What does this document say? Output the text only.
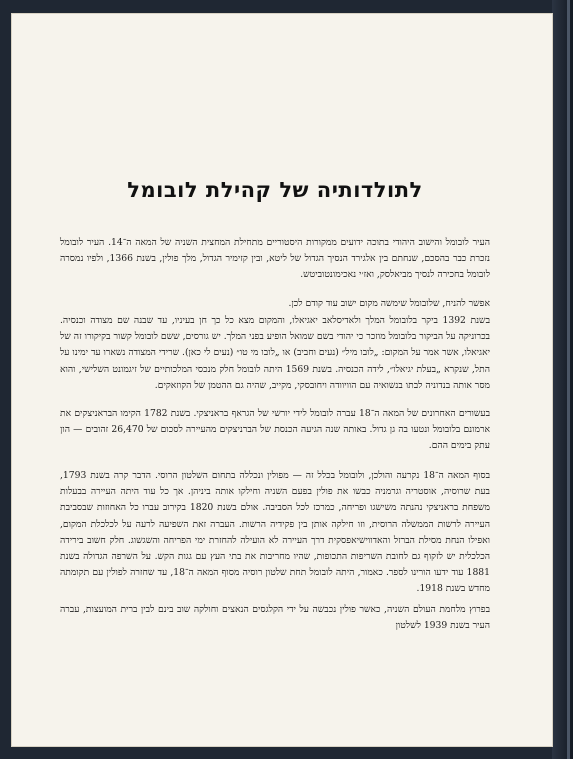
לתולדותיה של קהילת לובומל

העיר לובומל והישוב היהודי בתוכה ידועים ממקורות היסטוריים מתחילת המחצית השניה של המאה ה־14. העיר לובומל נזכרת כבר בהסכם, שנחתם בין אלגירד הנסיך הגדול של ליטא, ובין קזימיר הגדול, מלך פולין, בשנת 1366, ולפיו נמסרה לובומל בחכירה לנסיך מביאלסק, ואז׳י נאכימונטוביטש.

אפשר להניח, שלובומל שימשה מקום ישוב עוד קודם לכן.

בשנת 1392 ביקר בלובומל המלך ולאדיסלאב יאגיאלו, והמקום מצא כל כך חן בעיניו, עד שבנה שם מצודה וכנסיה. בכרוניקה על הביקור בלובומל מוזכר כי יהודי בשם שמואל הופיע בפני המלך. יש גורסים, ששם לובומל קשור בקיקורו זה של יאגיאלו, אשר אמר על המקום: „לובו מיל״ (נעים וחביב) או „לובו מי טו״ (נעים לי כאן). שרידי המצודה נשארו עד ימינו על התל, שנקרא „בעלת יגיאלו״, לידה הכנסיה. בשנת 1569 היתה לובומל חלק מנכסי המלכותיים של זיגמונט השלישי, והוא מסר אותה בנדוניה לבתו בנשואיה עם הוויוודה ויחובסקי, מקייב, שהיה גם ההטמן של הקוזאקים.

בעשורים האחרונים של המאה ה־18 עברה לובומל לידי יורשי של הגראף בראניצקי. בשנת 1782 הקימו הבראניצקים את ארמונם בלובומל ונטעו בה גן גדול. באותה שנה הגיעה הכנסת של הברניצקים מהעיירה לסכום של 26,470 זהובים — הון עתק בימים ההם.

בסוף המאה ה־18 נקרעה והולכן, ולובומל בכלל זה — מפולין ונכללה בתחום השלטון הרוסי. הדבר קרה בשנת 1793, בעת שרוסיה, אוסטריה וגרמניה כבשו את פולין בפעם השניה וחילקו אותה ביניהן. אך כל עוד היתה העיירה בבעלות משפחת בראניצקי נהנתה משישגו ופריחה, כמרכז לכל הסביבה. אולם בשנת 1820 בקירוב עברו כל האחוזות שבסביבת העיירה לרשות הממשלה הרוסית, וזו חילקה אותן בין פקידיה הרשות. העברה זאת השפיעה לרעה על לכלכלת המקום, ואפילו הנחת מסילת הברזל והאדווישיאפסקית דרך העיירה לא הועילה להחזרת ימי הפריחה והשגשוג. חלק חשוב בירידה הכלכלית יש לזקוף גם לחובת השריפות התכופות, שהיו מחריבות את בתי העץ עם גגות הקש. על השרפה הגדולה בשנת 1881 עוד ידעו הורינו לספר. כאמור, היתה לובומל תחת שלטון רוסיה מסוף המאה ה־18, עד שחזרה לפולין עם תקומתה מחדש בשנת 1918.

בפרוץ מלחמת העולם השניה, כאשר פולין נכבשה על ידי הקלגסים הנאצים וחולקה שוב בינם לבין ברית המועצות, עברה העיר בשנת 1939 לשלטון
